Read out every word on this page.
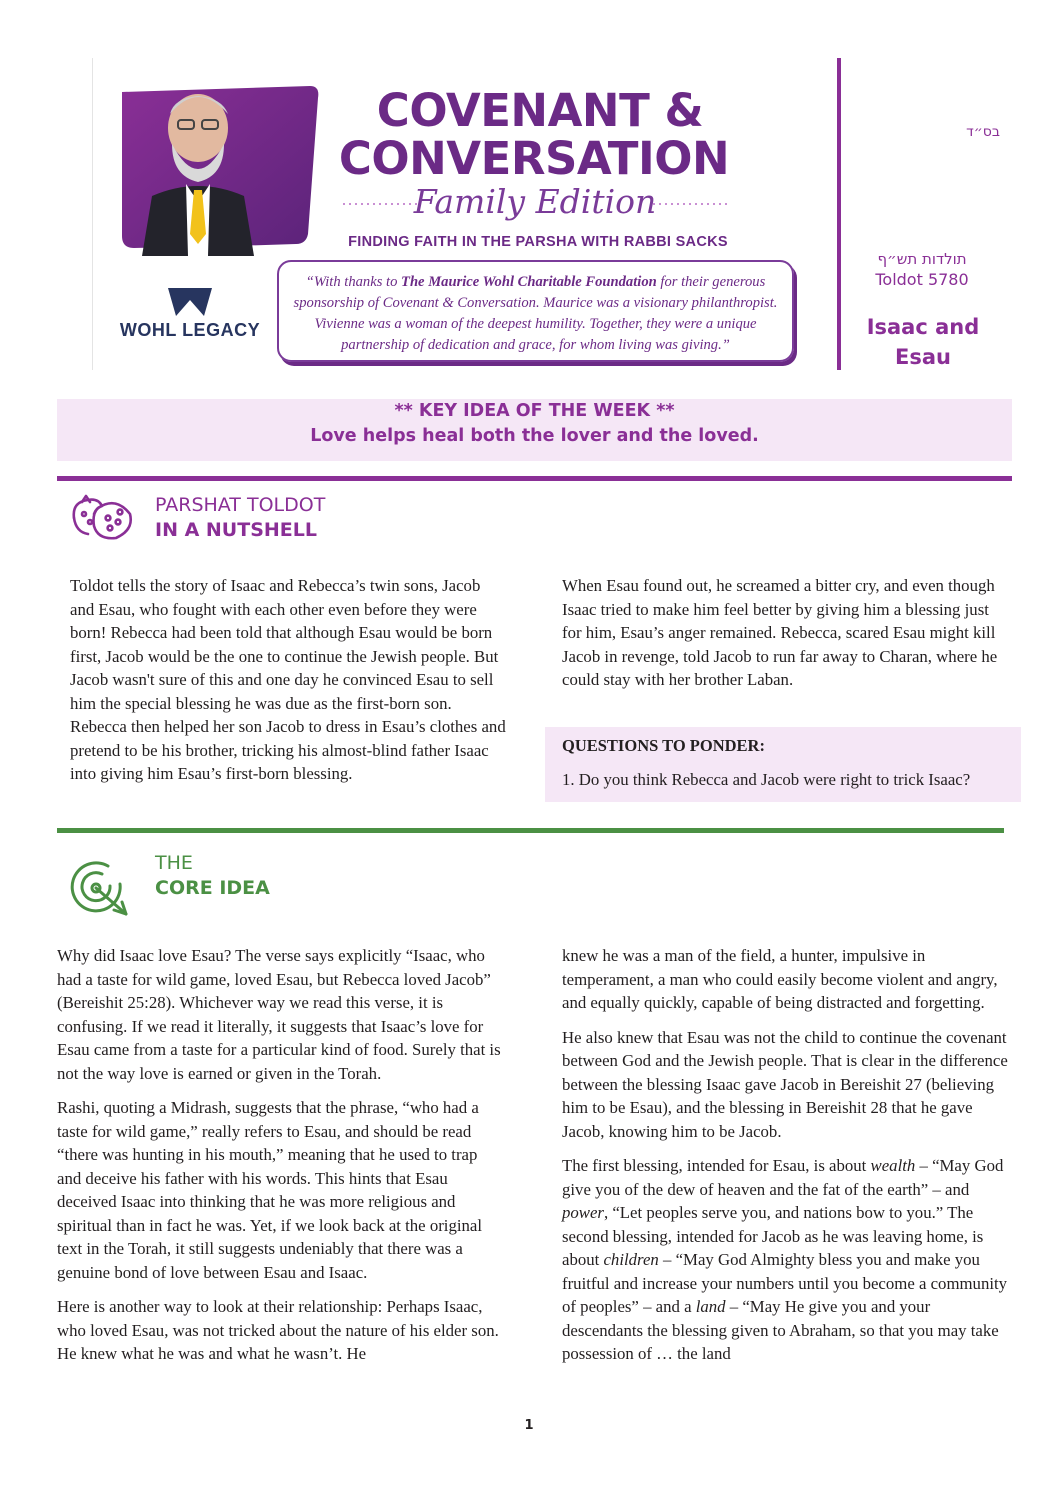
WOHL LEGACY
COVENANT &
CONVERSATION
Family Edition
FINDING FAITH IN THE PARSHA WITH RABBI SACKS
“With thanks to The Maurice Wohl Charitable Foundation for their generous sponsorship of Covenant & Conversation. Maurice was a visionary philanthropist. Vivienne was a woman of the deepest humility. Together, they were a unique partnership of dedication and grace, for whom living was giving.”
בס״ד
תולדות תש״ף
Toldot 5780
Isaac and Esau
** KEY IDEA OF THE WEEK **
Love helps heal both the lover and the loved.
PARSHAT TOLDOT
IN A NUTSHELL

Toldot tells the story of Isaac and Rebecca’s twin sons, Jacob and Esau, who fought with each other even before they were born! Rebecca had been told that although Esau would be born first, Jacob would be the one to continue the Jewish people. But Jacob wasn't sure of this and one day he convinced Esau to sell him the special blessing he was due as the first-born son. Rebecca then helped her son Jacob to dress in Esau’s clothes and pretend to be his brother, tricking his almost-blind father Isaac into giving him Esau’s first-born blessing.

When Esau found out, he screamed a bitter cry, and even though Isaac tried to make him feel better by giving him a blessing just for him, Esau’s anger remained. Rebecca, scared Esau might kill Jacob in revenge, told Jacob to run far away to Charan, where he could stay with her brother Laban.

QUESTIONS TO PONDER:
1. Do you think Rebecca and Jacob were right to trick Isaac?
THE
CORE IDEA

Why did Isaac love Esau? The verse says explicitly “Isaac, who had a taste for wild game, loved Esau, but Rebecca loved Jacob” (Bereishit 25:28). Whichever way we read this verse, it is confusing. If we read it literally, it suggests that Isaac’s love for Esau came from a taste for a particular kind of food. Surely that is not the way love is earned or given in the Torah.

Rashi, quoting a Midrash, suggests that the phrase, “who had a taste for wild game,” really refers to Esau, and should be read “there was hunting in his mouth,” meaning that he used to trap and deceive his father with his words. This hints that Esau deceived Isaac into thinking that he was more religious and spiritual than in fact he was. Yet, if we look back at the original text in the Torah, it still suggests undeniably that there was a genuine bond of love between Esau and Isaac.

Here is another way to look at their relationship: Perhaps Isaac, who loved Esau, was not tricked about the nature of his elder son. He knew what he was and what he wasn’t. He

knew he was a man of the field, a hunter, impulsive in temperament, a man who could easily become violent and angry, and equally quickly, capable of being distracted and forgetting.

He also knew that Esau was not the child to continue the covenant between God and the Jewish people. That is clear in the difference between the blessing Isaac gave Jacob in Bereishit 27 (believing him to be Esau), and the blessing in Bereishit 28 that he gave Jacob, knowing him to be Jacob.

The first blessing, intended for Esau, is about wealth – “May God give you of the dew of heaven and the fat of the earth” – and power, “Let peoples serve you, and nations bow to you.” The second blessing, intended for Jacob as he was leaving home, is about children – “May God Almighty bless you and make you fruitful and increase your numbers until you become a community of peoples” – and a land – “May He give you and your descendants the blessing given to Abraham, so that you may take possession of … the land

1
